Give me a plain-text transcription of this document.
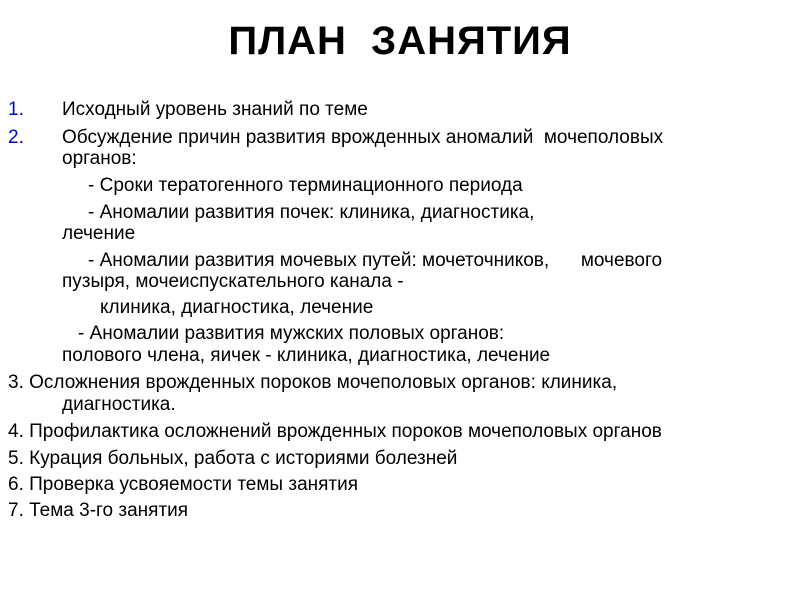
ПЛАН  ЗАНЯТИЯ
1. Исходный уровень знаний по теме
2. Обсуждение причин развития врожденных аномалий  мочеполовых
органов:
- Сроки тератогенного терминационного периода
- Аномалии развития почек: клиника, диагностика,
лечение
- Аномалии развития мочевых путей: мочеточников,      мочевого
пузыря, мочеиспускательного канала -
клиника, диагностика, лечение
- Аномалии развития мужских половых органов:
полового члена, яичек - клиника, диагностика, лечение
3. Осложнения врожденных пороков мочеполовых органов: клиника,
диагностика.
4. Профилактика осложнений врожденных пороков мочеполовых органов
5. Курация больных, работа с историями болезней
6. Проверка усвояемости темы занятия
7. Тема 3-го занятия
